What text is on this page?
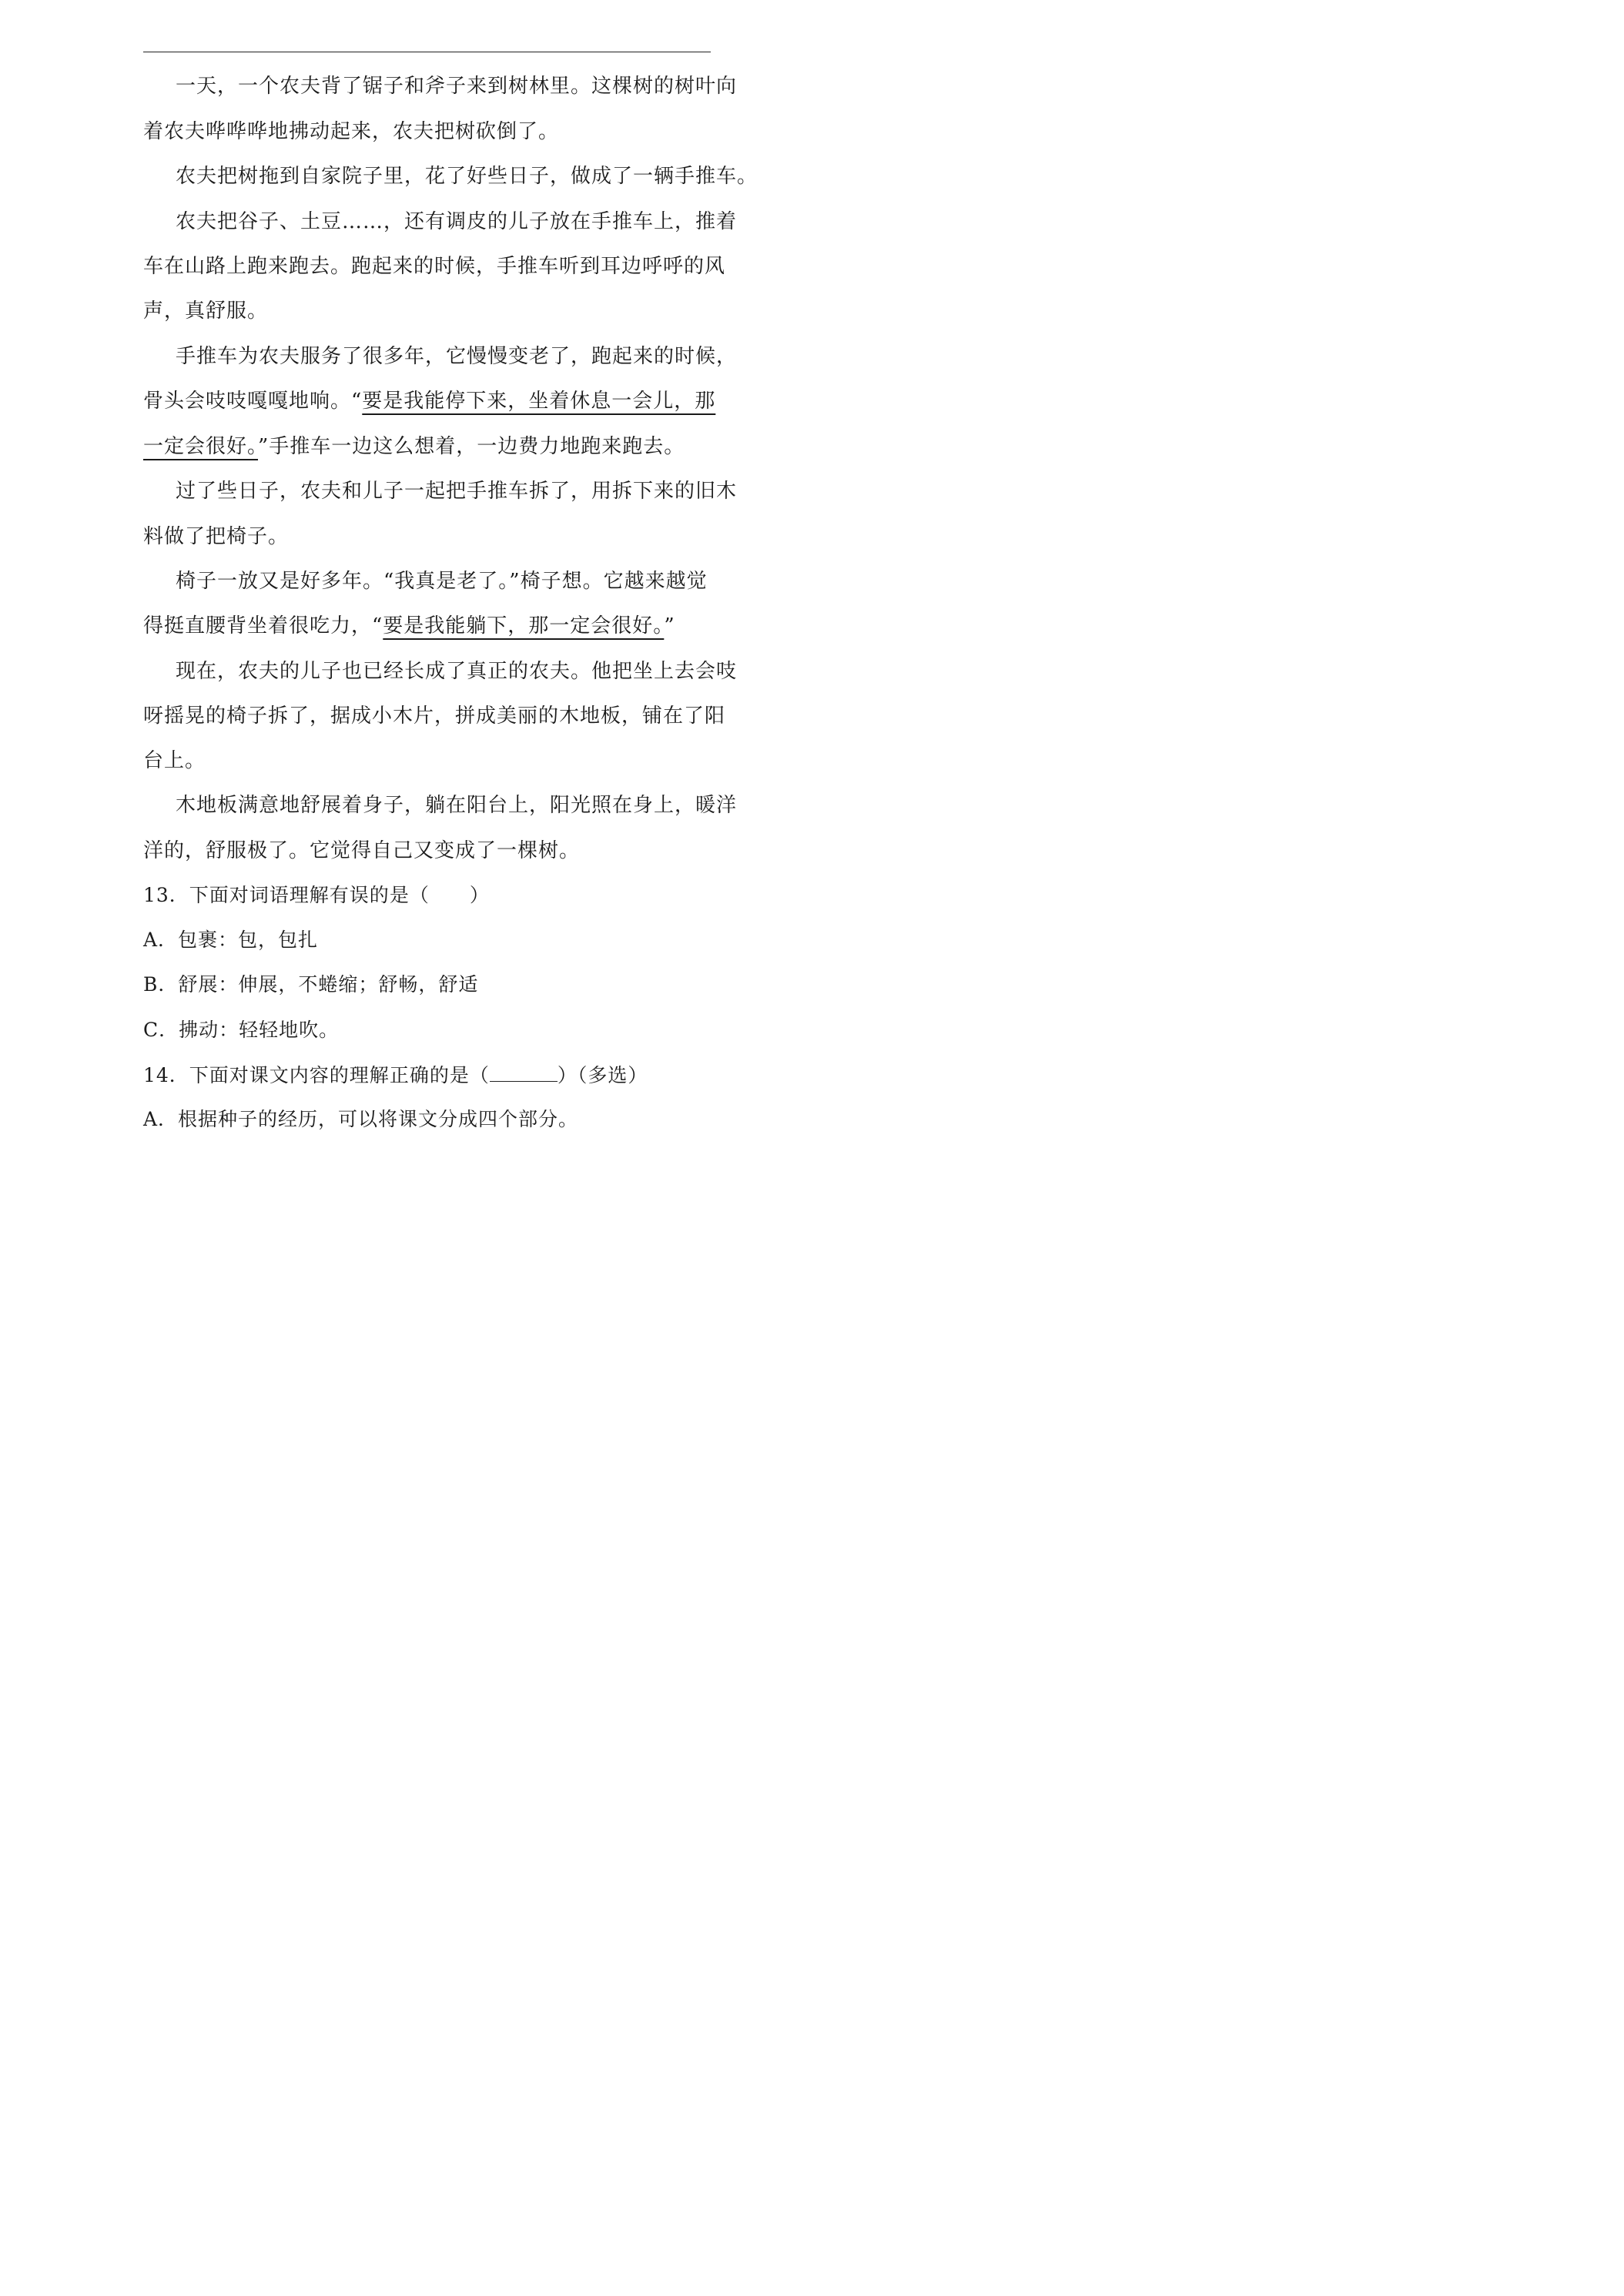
一天，一个农夫背了锯子和斧子来到树林里。这棵树的树叶向
着农夫哗哗哗地拂动起来，农夫把树砍倒了。
农夫把树拖到自家院子里，花了好些日子，做成了一辆手推车。
农夫把谷子、土豆……，还有调皮的儿子放在手推车上，推着
车在山路上跑来跑去。跑起来的时候，手推车听到耳边呼呼的风
声，真舒服。
手推车为农夫服务了很多年，它慢慢变老了，跑起来的时候，
骨头会吱吱嘎嘎地响。“要是我能停下来，坐着休息一会儿，那
一定会很好。”手推车一边这么想着，一边费力地跑来跑去。
过了些日子，农夫和儿子一起把手推车拆了，用拆下来的旧木
料做了把椅子。
椅子一放又是好多年。“我真是老了。”椅子想。它越来越觉
得挺直腰背坐着很吃力，“要是我能躺下，那一定会很好。”
现在，农夫的儿子也已经长成了真正的农夫。他把坐上去会吱
呀摇晃的椅子拆了，据成小木片，拼成美丽的木地板，铺在了阳
台上。
木地板满意地舒展着身子，躺在阳台上，阳光照在身上，暖洋
洋的，舒服极了。它觉得自己又变成了一棵树。
13．下面对词语理解有误的是（　　）
A．包裹：包，包扎
B．舒展：伸展，不蜷缩；舒畅，舒适
C．拂动：轻轻地吹。
14．下面对课文内容的理解正确的是（	）（多选）
A．根据种子的经历，可以将课文分成四个部分。
